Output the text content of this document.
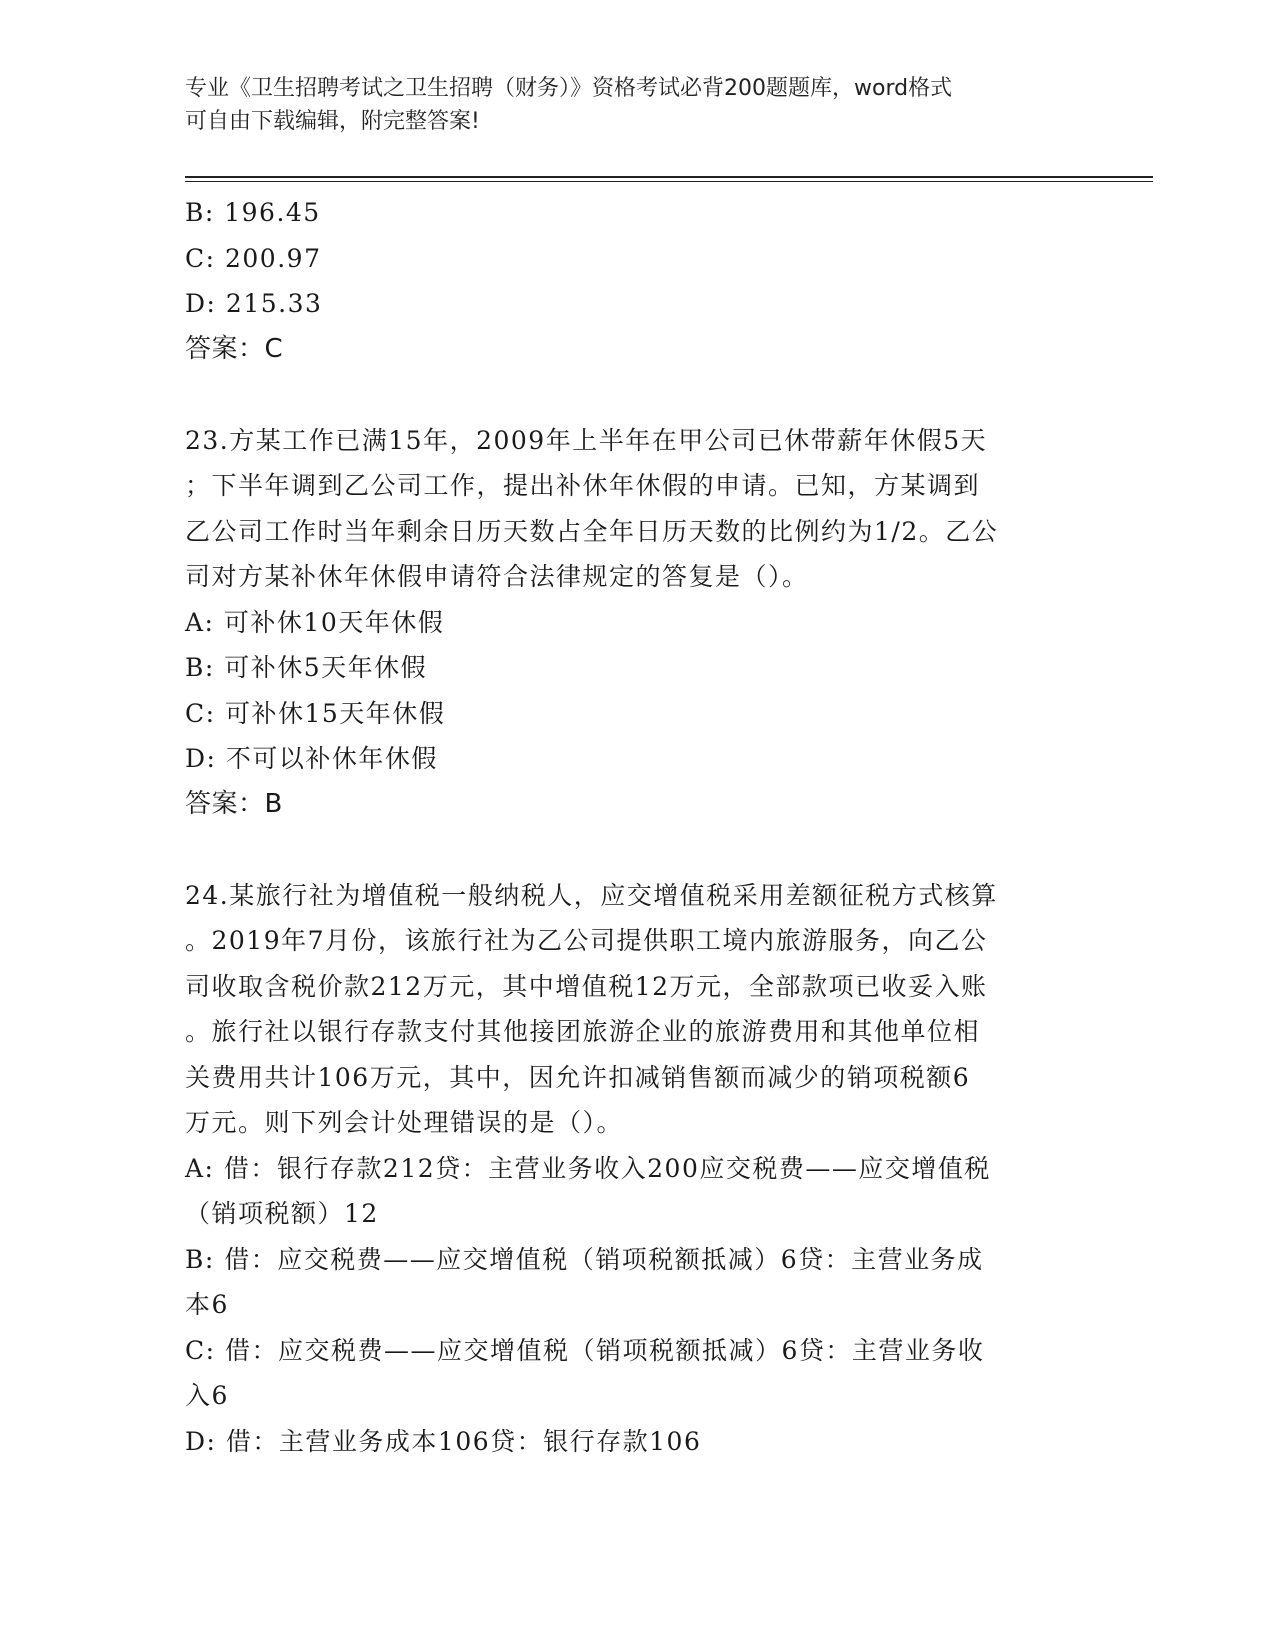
专业《卫生招聘考试之卫生招聘（财务）》资格考试必背200题题库，word格式
可自由下载编辑，附完整答案!
B: 196.45
C: 200.97
D: 215.33
答案：C
23.方某工作已满15年，2009年上半年在甲公司已休带薪年休假5天
；下半年调到乙公司工作，提出补休年休假的申请。已知，方某调到
乙公司工作时当年剩余日历天数占全年日历天数的比例约为1/2。乙公
司对方某补休年休假申请符合法律规定的答复是（）。
A: 可补休10天年休假
B: 可补休5天年休假
C: 可补休15天年休假
D: 不可以补休年休假
答案：B
24.某旅行社为增值税一般纳税人，应交增值税采用差额征税方式核算
。2019年7月份，该旅行社为乙公司提供职工境内旅游服务，向乙公
司收取含税价款212万元，其中增值税12万元，全部款项已收妥入账
。旅行社以银行存款支付其他接团旅游企业的旅游费用和其他单位相
关费用共计106万元，其中，因允许扣减销售额而减少的销项税额6
万元。则下列会计处理错误的是（）。
A: 借：银行存款212贷：主营业务收入200应交税费——应交增值税
（销项税额）12
B: 借：应交税费——应交增值税（销项税额抵减）6贷：主营业务成
本6
C: 借：应交税费——应交增值税（销项税额抵减）6贷：主营业务收
入6
D: 借：主营业务成本106贷：银行存款106
